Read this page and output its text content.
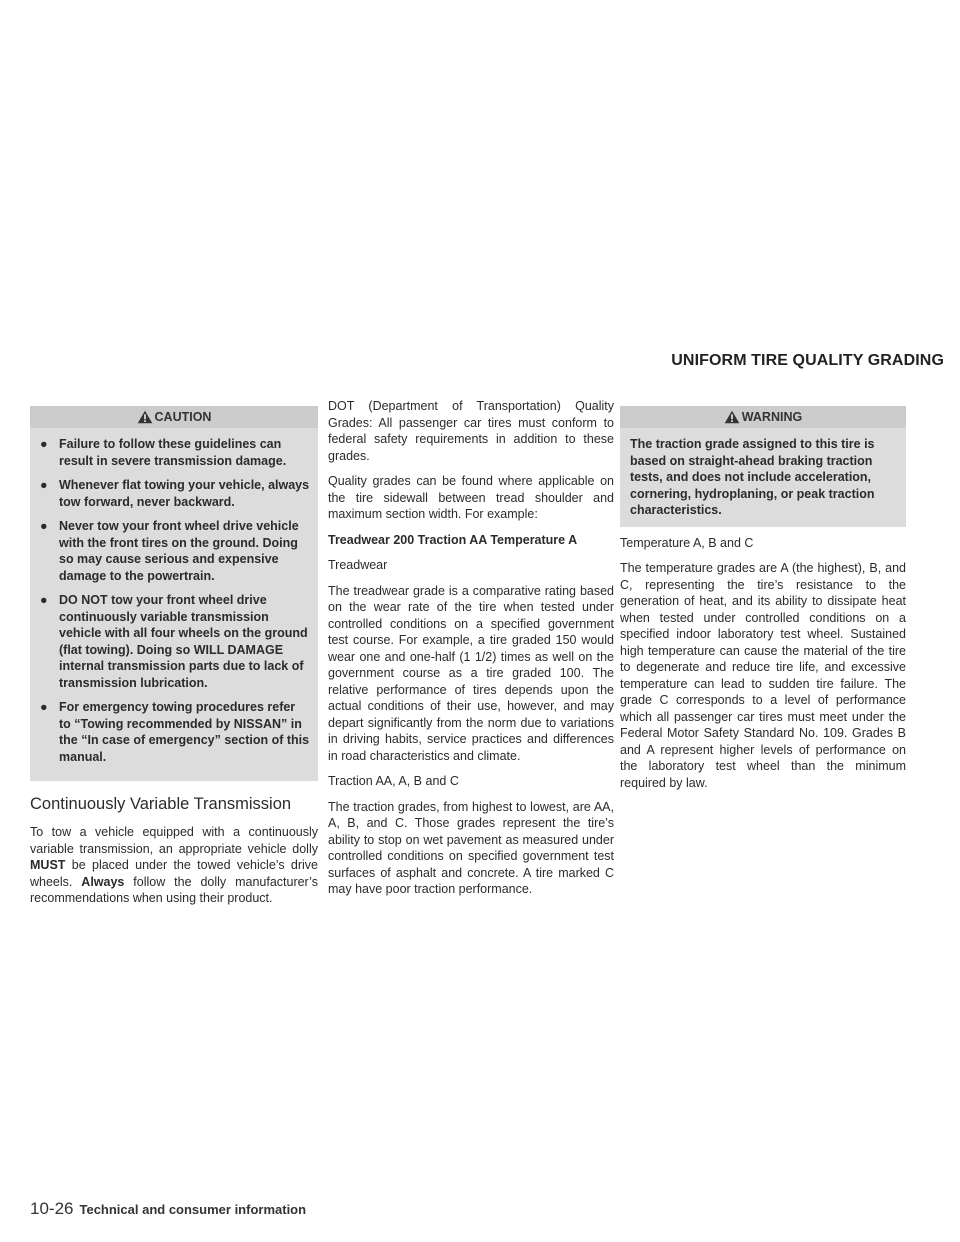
UNIFORM TIRE QUALITY GRADING
CAUTION
● Failure to follow these guidelines can result in severe transmission damage.
● Whenever flat towing your vehicle, always tow forward, never backward.
● Never tow your front wheel drive vehicle with the front tires on the ground. Doing so may cause serious and expensive damage to the powertrain.
● DO NOT tow your front wheel drive continuously variable transmission vehicle with all four wheels on the ground (flat towing). Doing so WILL DAMAGE internal transmission parts due to lack of transmission lubrication.
● For emergency towing procedures refer to “Towing recommended by NISSAN” in the “In case of emergency” section of this manual.
Continuously Variable Transmission

To tow a vehicle equipped with a continuously variable transmission, an appropriate vehicle dolly MUST be placed under the towed vehicle’s drive wheels. Always follow the dolly manufacturer’s recommendations when using their product.

DOT (Department of Transportation) Quality Grades: All passenger car tires must conform to federal safety requirements in addition to these grades.

Quality grades can be found where applicable on the tire sidewall between tread shoulder and maximum section width. For example:

Treadwear 200 Traction AA Temperature A

Treadwear

The treadwear grade is a comparative rating based on the wear rate of the tire when tested under controlled conditions on a specified government test course. For example, a tire graded 150 would wear one and one-half (1 1/2) times as well on the government course as a tire graded 100. The relative performance of tires depends upon the actual conditions of their use, however, and may depart significantly from the norm due to variations in driving habits, service practices and differences in road characteristics and climate.

Traction AA, A, B and C

The traction grades, from highest to lowest, are AA, A, B, and C. Those grades represent the tire’s ability to stop on wet pavement as measured under controlled conditions on specified government test surfaces of asphalt and concrete. A tire marked C may have poor traction performance.

WARNING
The traction grade assigned to this tire is based on straight-ahead braking traction tests, and does not include acceleration, cornering, hydroplaning, or peak traction characteristics.

Temperature A, B and C

The temperature grades are A (the highest), B, and C, representing the tire’s resistance to the generation of heat, and its ability to dissipate heat when tested under controlled conditions on a specified indoor laboratory test wheel. Sustained high temperature can cause the material of the tire to degenerate and reduce tire life, and excessive temperature can lead to sudden tire failure. The grade C corresponds to a level of performance which all passenger car tires must meet under the Federal Motor Safety Standard No. 109. Grades B and A represent higher levels of performance on the laboratory test wheel than the minimum required by law.

10-26 Technical and consumer information
